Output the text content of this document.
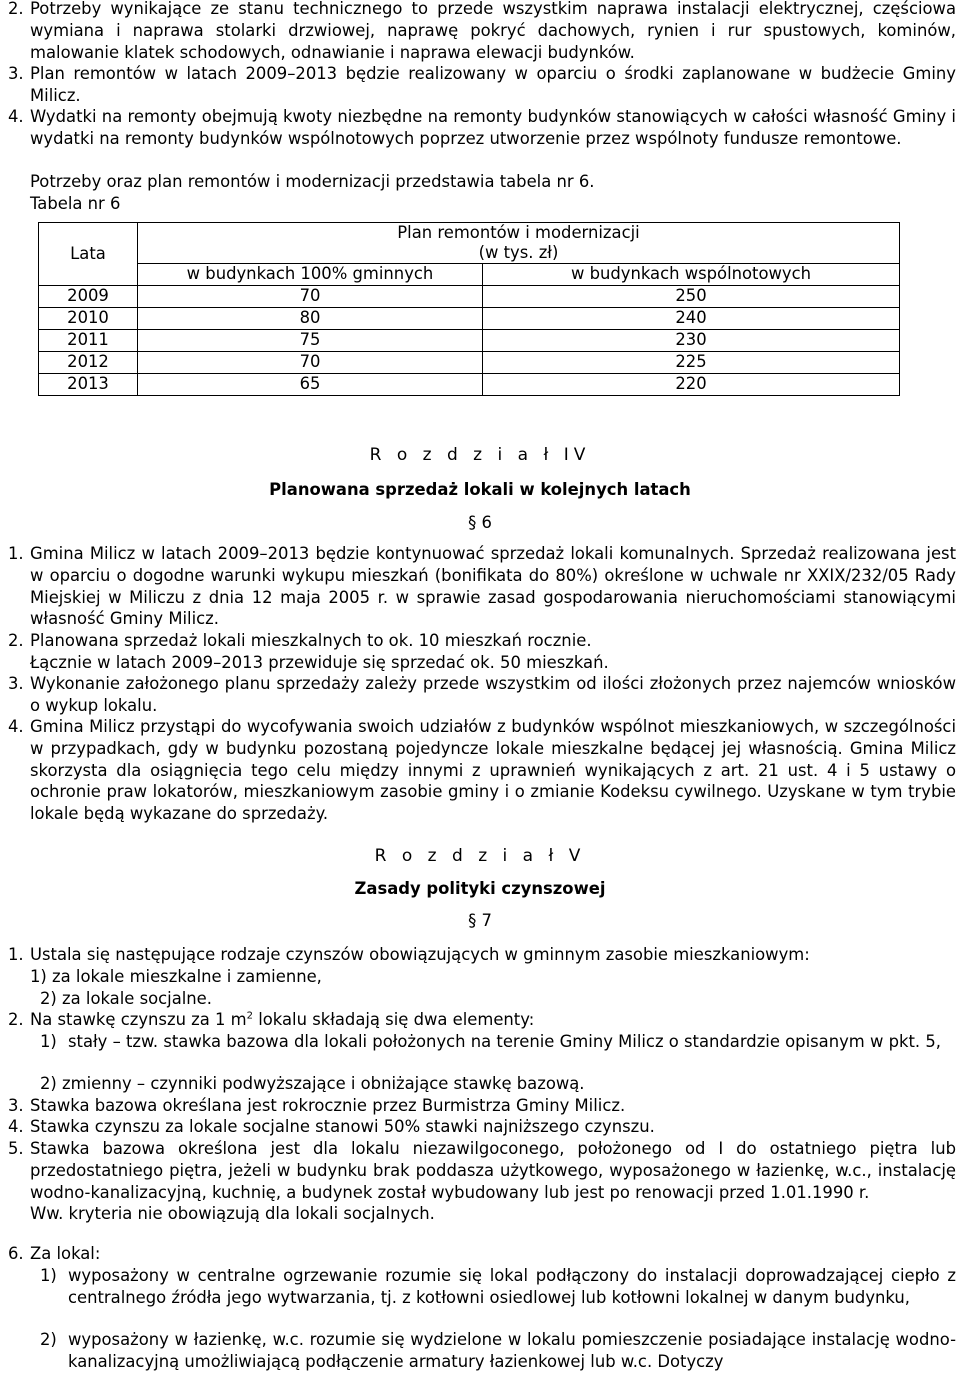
2. Potrzeby wynikające ze stanu technicznego to przede wszystkim naprawa instalacji elektrycznej, częściowa wymiana i naprawa stolarki drzwiowej, naprawę pokryć dachowych, rynien i rur spustowych, kominów, malowanie klatek schodowych, odnawianie i naprawa elewacji budynków.
3. Plan remontów w latach 2009–2013 będzie realizowany w oparciu o środki zaplanowane w budżecie Gminy Milicz.
4. Wydatki na remonty obejmują kwoty niezbędne na remonty budynków stanowiących w całości własność Gminy i wydatki na remonty budynków wspólnotowych poprzez utworzenie przez wspólnoty fundusze remontowe.
Potrzeby oraz plan remontów i modernizacji przedstawia tabela nr 6.
Tabela nr 6
Lata	Plan remontów i modernizacji
(w tys. zł)	
	w budynkach 100% gminnych	w budynkach wspólnotowych
2009	70	250
2010	80	240
2011	75	230
2012	70	225
2013	65	220
R o z d z i a ł IV
Planowana sprzedaż lokali w kolejnych latach
§ 6
1. Gmina Milicz w latach 2009–2013 będzie kontynuować sprzedaż lokali komunalnych. Sprzedaż realizowana jest w oparciu o dogodne warunki wykupu mieszkań (bonifikata do 80%) określone w uchwale nr XXIX/232/05 Rady Miejskiej w Miliczu z dnia 12 maja 2005 r. w sprawie zasad gospodarowania nieruchomościami stanowiącymi własność Gminy Milicz.
2. Planowana sprzedaż lokali mieszkalnych to ok. 10 mieszkań rocznie.
Łącznie w latach 2009–2013 przewiduje się sprzedać ok. 50 mieszkań.
3. Wykonanie założonego planu sprzedaży zależy przede wszystkim od ilości złożonych przez najemców wniosków o wykup lokalu.
4. Gmina Milicz przystąpi do wycofywania swoich udziałów z budynków wspólnot mieszkaniowych, w szczególności w przypadkach, gdy w budynku pozostaną pojedyncze lokale mieszkalne będącej jej własnością. Gmina Milicz skorzysta dla osiągnięcia tego celu między innymi z uprawnień wynikających z art. 21 ust. 4 i 5 ustawy o ochronie praw lokatorów, mieszkaniowym zasobie gminy i o zmianie Kodeksu cywilnego. Uzyskane w tym trybie lokale będą wykazane do sprzedaży.
R o z d z i a ł V
Zasady polityki czynszowej
§ 7
1. Ustala się następujące rodzaje czynszów obowiązujących w gminnym zasobie mieszkaniowym:
1) za lokale mieszkalne i zamienne,
2) za lokale socjalne.
2. Na stawkę czynszu za 1 $m^2$ lokalu składają się dwa elementy:
1) stały – tzw. stawka bazowa dla lokali położonych na terenie Gminy Milicz o standardzie opisanym w pkt. 5,
2) zmienny – czynniki podwyższające i obniżające stawkę bazową.
3. Stawka bazowa określana jest rokrocznie przez Burmistrza Gminy Milicz.
4. Stawka czynszu za lokale socjalne stanowi 50% stawki najniższego czynszu.
5. Stawka bazowa określona jest dla lokalu niezawilgoconego, położonego od I do ostatniego piętra lub przedostatniego piętra, jeżeli w budynku brak poddasza użytkowego, wyposażonego w łazienkę, w.c., instalację wodno-kanalizacyjną, kuchnię, a budynek został wybudowany lub jest po renowacji przed 1.01.1990 r.
Ww. kryteria nie obowiązują dla lokali socjalnych.
6. Za lokal:
1) wyposażony w centralne ogrzewanie rozumie się lokal podłączony do instalacji doprowadzającej ciepło z centralnego źródła jego wytwarzania, tj. z kotłowni osiedlowej lub kotłowni lokalnej w danym budynku,
2) wyposażony w łazienkę, w.c. rozumie się wydzielone w lokalu pomieszczenie posiadające instalację wodno-kanalizacyjną umożliwiającą podłączenie armatury łazienkowej lub w.c. Dotyczy
